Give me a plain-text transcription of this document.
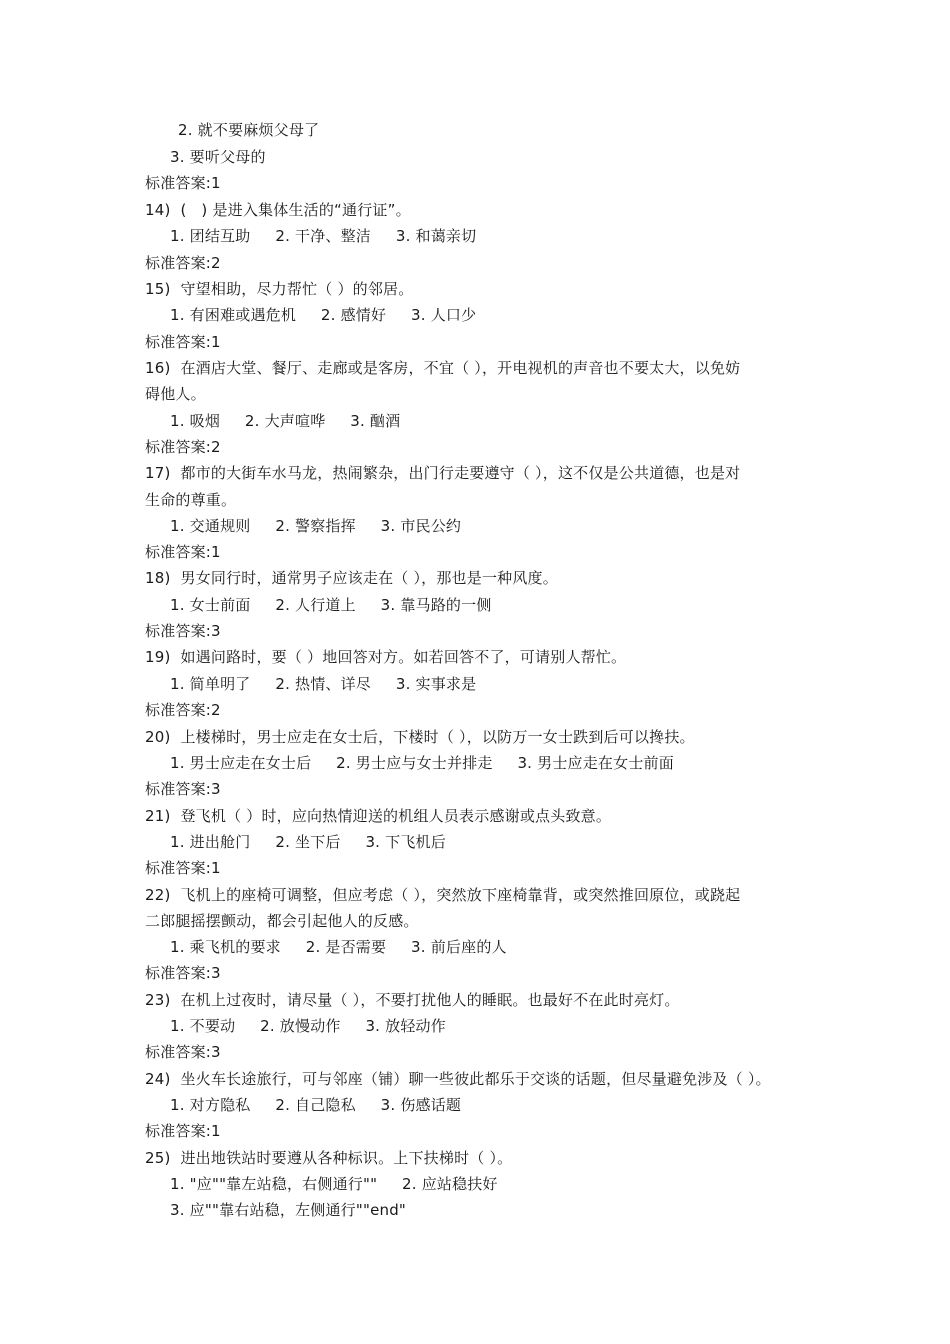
2. 就不要麻烦父母了
3. 要听父母的
标准答案:1
14)  (   ) 是进入集体生活的“通行证”。
1. 团结互助     2. 干净、整洁     3. 和蔼亲切
标准答案:2
15)  守望相助，尽力帮忙（ ）的邻居。
1. 有困难或遇危机     2. 感情好     3. 人口少
标准答案:1
16)  在酒店大堂、餐厅、走廊或是客房，不宜（ ），开电视机的声音也不要太大，以免妨
碍他人。
1. 吸烟     2. 大声喧哗     3. 酗酒
标准答案:2
17)  都市的大街车水马龙，热闹繁杂，出门行走要遵守（ ），这不仅是公共道德，也是对
生命的尊重。
1. 交通规则     2. 警察指挥     3. 市民公约
标准答案:1
18)  男女同行时，通常男子应该走在（ ），那也是一种风度。
1. 女士前面     2. 人行道上     3. 靠马路的一侧
标准答案:3
19)  如遇问路时，要（ ）地回答对方。如若回答不了，可请别人帮忙。
1. 简单明了     2. 热情、详尽     3. 实事求是
标准答案:2
20)  上楼梯时，男士应走在女士后，下楼时（ ），以防万一女士跌到后可以搀扶。
1. 男士应走在女士后     2. 男士应与女士并排走     3. 男士应走在女士前面
标准答案:3
21)  登飞机（ ）时，应向热情迎送的机组人员表示感谢或点头致意。
1. 进出舱门     2. 坐下后     3. 下飞机后
标准答案:1
22)  飞机上的座椅可调整，但应考虑（ ），突然放下座椅靠背，或突然推回原位，或跷起
二郎腿摇摆颤动，都会引起他人的反感。
1. 乘飞机的要求     2. 是否需要     3. 前后座的人
标准答案:3
23)  在机上过夜时，请尽量（ ），不要打扰他人的睡眠。也最好不在此时亮灯。
1. 不要动     2. 放慢动作     3. 放轻动作
标准答案:3
24)  坐火车长途旅行，可与邻座（铺）聊一些彼此都乐于交谈的话题，但尽量避免涉及（ ）。
1. 对方隐私     2. 自己隐私     3. 伤感话题
标准答案:1
25)  进出地铁站时要遵从各种标识。上下扶梯时（ ）。
1. "应""靠左站稳，右侧通行""     2. 应站稳扶好
3. 应""靠右站稳，左侧通行""end"
